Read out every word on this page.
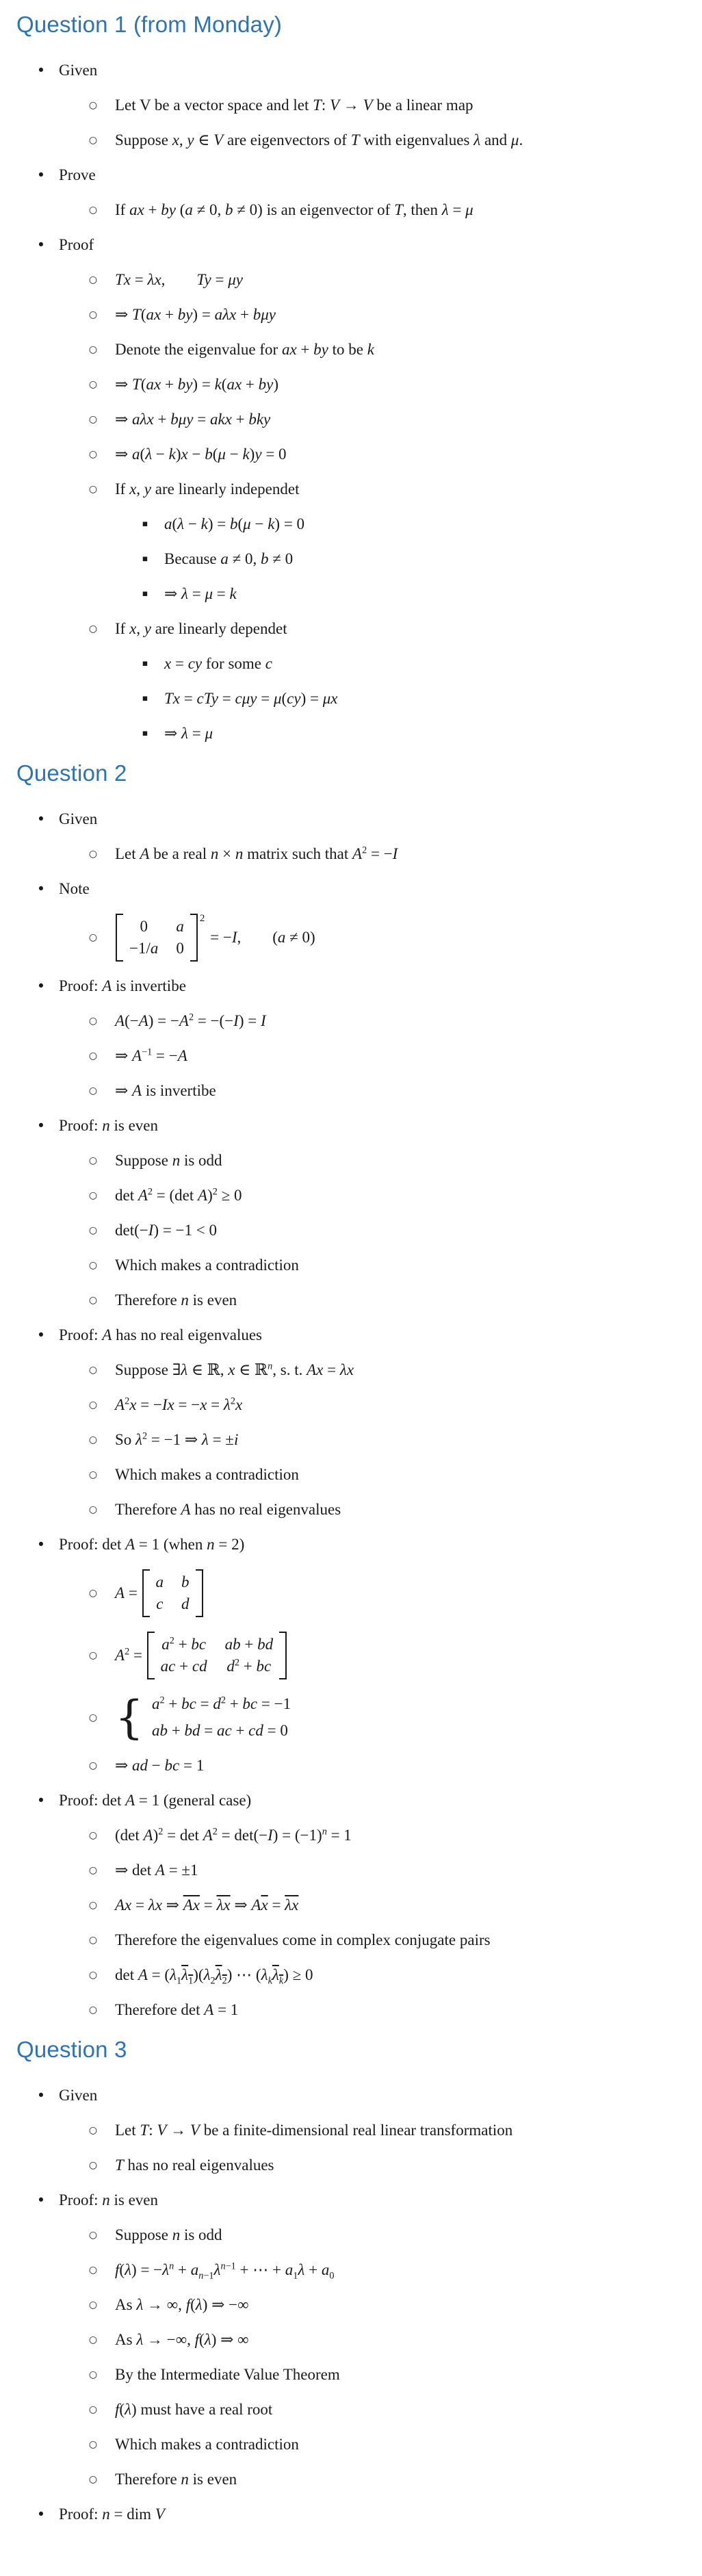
Question 1 (from Monday)
• Given
○ Let V be a vector space and let T: V → V be a linear map
○ Suppose x, y ∈ V are eigenvectors of T with eigenvalues λ and μ.
• Prove
○ If ax + by (a ≠ 0, b ≠ 0) is an eigenvector of T, then λ = μ
• Proof
○ Tx = λx,  Ty = μy
○ ⇒ T(ax + by) = aλx + bμy
○ Denote the eigenvalue for ax + by to be k
○ ⇒ T(ax + by) = k(ax + by)
○ ⇒ aλx + bμy = akx + bky
○ ⇒ a(λ − k)x − b(μ − k)y = 0
○ If x, y are linearly independet
▪ a(λ − k) = b(μ − k) = 0
▪ Because a ≠ 0, b ≠ 0
▪ ⇒ λ = μ = k
○ If x, y are linearly dependet
▪ x = cy for some c
▪ Tx = cTy = cμy = μ(cy) = μx
▪ ⇒ λ = μ
Question 2
• Given
○ Let A be a real n × n matrix such that $A^2 = -I$
• Note
○
0 a
−1/a 0
$^2$
= −I,  (a ≠ 0)
• Proof: A is invertibe
○ $A(-A) = -A^2 = -(-I) = I$
○ ⇒ $A^{-1} = -A$
○ ⇒ A is invertibe
• Proof: n is even
○ Suppose n is odd
○ $\det A^2 = (\det$ A)$^2$ ≥ 0
○ det(−I) = −1 < 0
○ Which makes a contradiction
○ Therefore n is even
• Proof: A has no real eigenvalues
○ Suppose ∃λ ∈ ℝ, x ∈ ℝ$^n$, s. t. Ax = λx
○ $A^2x = -Ix = -x = \lambda^2x$
○ So $\lambda^2 = -1$ ⇒ λ = ±i
○ Which makes a contradiction
○ Therefore A has no real eigenvalues
• Proof: det A = 1 (when n = 2)
○ A =
a b
c d
○ $A^2$ =
$a^2$ + bc ab + bd
ac + cd $d^2$ + bc
○ { $a^2$ + bc = $d^2$ + bc = −1
ab + bd = ac + cd = 0
○ ⇒ ad − bc = 1
• Proof: det A = 1 (general case)
○ (det $A)^2 = \det A^2 = \det(-I) = (-1)^n = 1$
○ ⇒ det A = ±1
○ Ax = λx ⇒ $\overline{Ax} = \overline{\lambda x}$ ⇒ $A\overline{x} = \overline{\lambda}\overline{x}$
○ Therefore the eigenvalues come in complex conjugate pairs
○ $\det A = (\lambda_1\lambda_1)(\lambda_2\lambda_2)$ ⋯ $(\lambda_k\lambda_k) \ge 0$
○ Therefore det A = 1
Question 3
• Given
○ Let T: V → V be a finite-dimensional real linear transformation
○ T has no real eigenvalues
• Proof: n is even
○ Suppose n is odd
○ $f(\lambda) = -\lambda^n + a_{n-1}\lambda^{n-1}$ + ⋯ + $a_1\lambda + a_0$
○ As λ → ∞, f(λ) ⇒ −∞
○ As λ → −∞, f(λ) ⇒ ∞
○ By the Intermediate Value Theorem
○ f(λ) must have a real root
○ Which makes a contradiction
○ Therefore n is even
• Proof: n = dim V
